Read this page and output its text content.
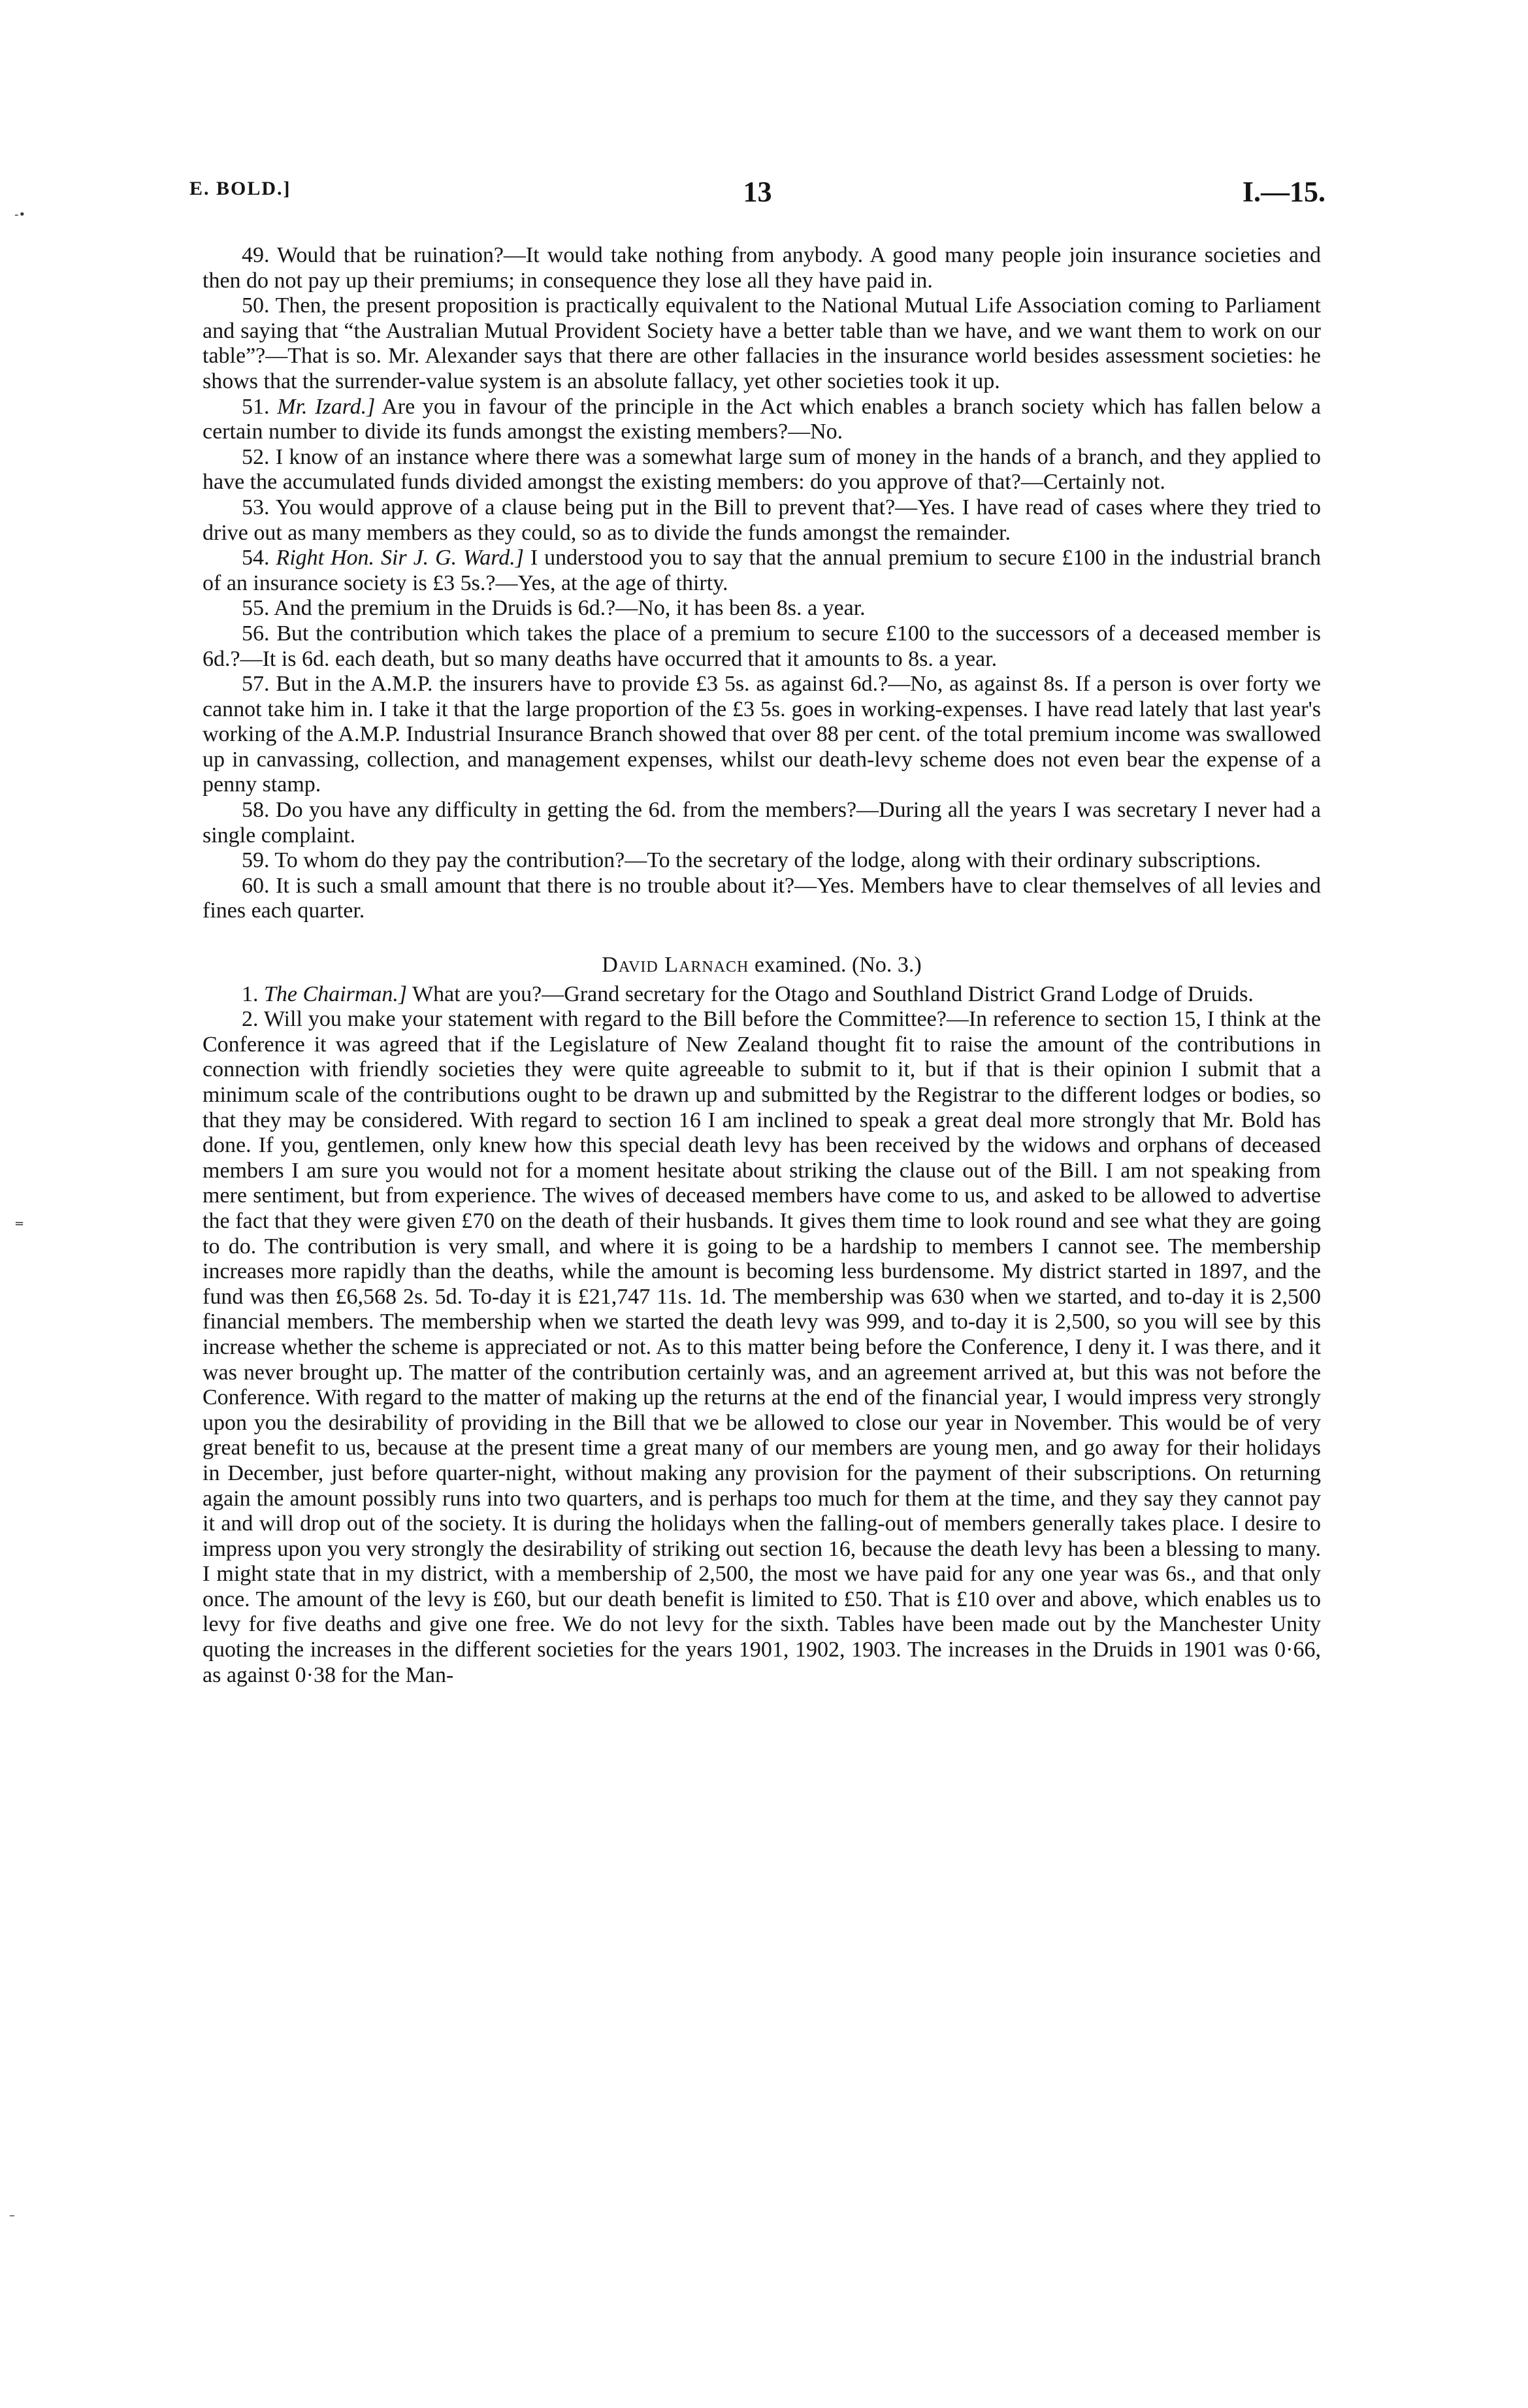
E. BOLD.]	13	I.—15.

49. Would that be ruination?—It would take nothing from anybody. A good many people join insurance societies and then do not pay up their premiums; in consequence they lose all they have paid in.

50. Then, the present proposition is practically equivalent to the National Mutual Life Association coming to Parliament and saying that “the Australian Mutual Provident Society have a better table than we have, and we want them to work on our table”?—That is so. Mr. Alexander says that there are other fallacies in the insurance world besides assessment societies: he shows that the surrender-value system is an absolute fallacy, yet other societies took it up.

51. Mr. Izard.] Are you in favour of the principle in the Act which enables a branch society which has fallen below a certain number to divide its funds amongst the existing members?—No.

52. I know of an instance where there was a somewhat large sum of money in the hands of a branch, and they applied to have the accumulated funds divided amongst the existing members: do you approve of that?—Certainly not.

53. You would approve of a clause being put in the Bill to prevent that?—Yes. I have read of cases where they tried to drive out as many members as they could, so as to divide the funds amongst the remainder.

54. Right Hon. Sir J. G. Ward.] I understood you to say that the annual premium to secure £100 in the industrial branch of an insurance society is £3 5s.?—Yes, at the age of thirty.

55. And the premium in the Druids is 6d.?—No, it has been 8s. a year.

56. But the contribution which takes the place of a premium to secure £100 to the successors of a deceased member is 6d.?—It is 6d. each death, but so many deaths have occurred that it amounts to 8s. a year.

57. But in the A.M.P. the insurers have to provide £3 5s. as against 6d.?—No, as against 8s. If a person is over forty we cannot take him in. I take it that the large proportion of the £3 5s. goes in working-expenses. I have read lately that last year's working of the A.M.P. Industrial Insurance Branch showed that over 88 per cent. of the total premium income was swallowed up in canvassing, collection, and management expenses, whilst our death-levy scheme does not even bear the expense of a penny stamp.

58. Do you have any difficulty in getting the 6d. from the members?—During all the years I was secretary I never had a single complaint.

59. To whom do they pay the contribution?—To the secretary of the lodge, along with their ordinary subscriptions.

60. It is such a small amount that there is no trouble about it?—Yes. Members have to clear themselves of all levies and fines each quarter.

David Larnach examined. (No. 3.)

1. The Chairman.] What are you?—Grand secretary for the Otago and Southland District Grand Lodge of Druids.

2. Will you make your statement with regard to the Bill before the Committee?—In reference to section 15, I think at the Conference it was agreed that if the Legislature of New Zealand thought fit to raise the amount of the contributions in connection with friendly societies they were quite agreeable to submit to it, but if that is their opinion I submit that a minimum scale of the contributions ought to be drawn up and submitted by the Registrar to the different lodges or bodies, so that they may be considered. With regard to section 16 I am inclined to speak a great deal more strongly that Mr. Bold has done. If you, gentlemen, only knew how this special death levy has been received by the widows and orphans of deceased members I am sure you would not for a moment hesitate about striking the clause out of the Bill. I am not speaking from mere sentiment, but from experience. The wives of deceased members have come to us, and asked to be allowed to advertise the fact that they were given £70 on the death of their husbands. It gives them time to look round and see what they are going to do. The contribution is very small, and where it is going to be a hardship to members I cannot see. The membership increases more rapidly than the deaths, while the amount is becoming less burdensome. My district started in 1897, and the fund was then £6,568 2s. 5d. To-day it is £21,747 11s. 1d. The membership was 630 when we started, and to-day it is 2,500 financial members. The membership when we started the death levy was 999, and to-day it is 2,500, so you will see by this increase whether the scheme is appreciated or not. As to this matter being before the Conference, I deny it. I was there, and it was never brought up. The matter of the contribution certainly was, and an agreement arrived at, but this was not before the Conference. With regard to the matter of making up the returns at the end of the financial year, I would impress very strongly upon you the desirability of providing in the Bill that we be allowed to close our year in November. This would be of very great benefit to us, because at the present time a great many of our members are young men, and go away for their holidays in December, just before quarter-night, without making any provision for the payment of their subscriptions. On returning again the amount possibly runs into two quarters, and is perhaps too much for them at the time, and they say they cannot pay it and will drop out of the society. It is during the holidays when the falling-out of members generally takes place. I desire to impress upon you very strongly the desirability of striking out section 16, because the death levy has been a blessing to many. I might state that in my district, with a membership of 2,500, the most we have paid for any one year was 6s., and that only once. The amount of the levy is £60, but our death benefit is limited to £50. That is £10 over and above, which enables us to levy for five deaths and give one free. We do not levy for the sixth. Tables have been made out by the Manchester Unity quoting the increases in the different societies for the years 1901, 1902, 1903. The increases in the Druids in 1901 was 0·66, as against 0·38 for the Man-

-•
=
–
